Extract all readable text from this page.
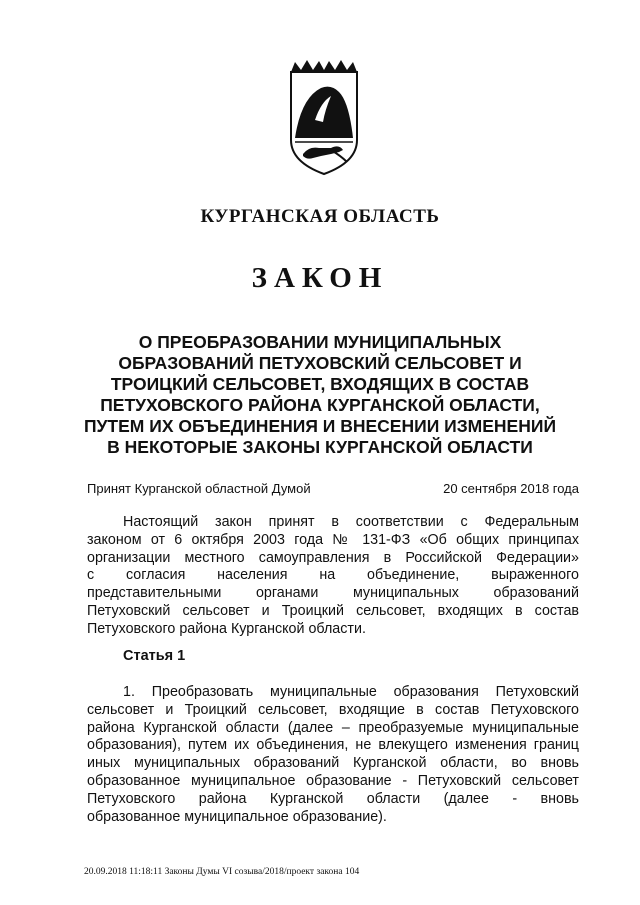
КУРГАНСКАЯ ОБЛАСТЬ
ЗАКОН
О ПРЕОБРАЗОВАНИИ МУНИЦИПАЛЬНЫХ
ОБРАЗОВАНИЙ ПЕТУХОВСКИЙ СЕЛЬСОВЕТ И
ТРОИЦКИЙ СЕЛЬСОВЕТ, ВХОДЯЩИХ В СОСТАВ
ПЕТУХОВСКОГО РАЙОНА КУРГАНСКОЙ ОБЛАСТИ,
ПУТЕМ ИХ ОБЪЕДИНЕНИЯ И ВНЕСЕНИИ ИЗМЕНЕНИЙ
В НЕКОТОРЫЕ ЗАКОНЫ КУРГАНСКОЙ ОБЛАСТИ
Принят Курганской областной Думой	20 сентября 2018 года
Настоящий закон принят в соответствии с Федеральным
законом от 6 октября 2003 года № 131-ФЗ «Об общих принципах
организации местного самоуправления в Российской Федерации»
с согласия населения на объединение, выраженного
представительными органами муниципальных образований
Петуховский сельсовет и Троицкий сельсовет, входящих в состав
Петуховского района Курганской области.
Статья 1
1. Преобразовать муниципальные образования Петуховский
сельсовет и Троицкий сельсовет, входящие в состав Петуховского
района Курганской области (далее – преобразуемые муниципальные
образования), путем их объединения, не влекущего изменения границ
иных муниципальных образований Курганской области, во вновь
образованное муниципальное образование - Петуховский сельсовет
Петуховского района Курганской области (далее - вновь
образованное муниципальное образование).
20.09.2018 11:18:11 Законы Думы VI созыва/2018/проект закона 104
